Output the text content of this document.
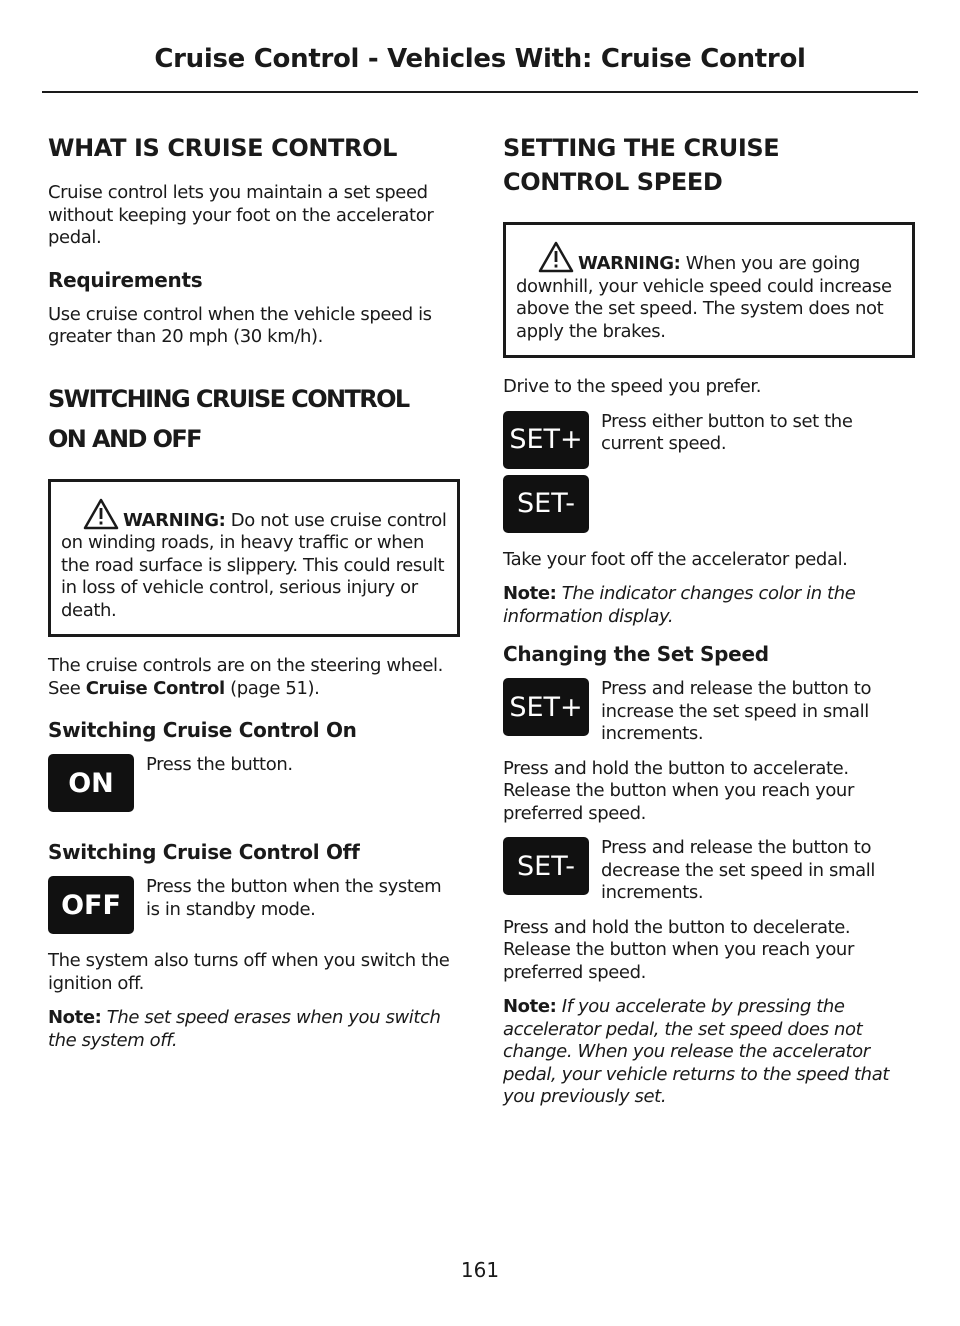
Cruise Control - Vehicles With: Cruise Control
WHAT IS CRUISE CONTROL

Cruise control lets you maintain a set speed without keeping your foot on the accelerator pedal.

Requirements

Use cruise control when the vehicle speed is greater than 20 mph (30 km/h).

SWITCHING CRUISE CONTROL
ON AND OFF

WARNING: Do not use cruise control on winding roads, in heavy traffic or when the road surface is slippery. This could result in loss of vehicle control, serious injury or death.

The cruise controls are on the steering wheel. See Cruise Control (page 51).

Switching Cruise Control On
ON

Press the button.

Switching Cruise Control Off
OFF

Press the button when the system is in standby mode.

The system also turns off when you switch the ignition off.

Note: The set speed erases when you switch the system off.

SETTING THE CRUISE
CONTROL SPEED

WARNING: When you are going downhill, your vehicle speed could increase above the set speed. The system does not apply the brakes.

Drive to the speed you prefer.

SET+
SET-

Press either button to set the current speed.

Take your foot off the accelerator pedal.

Note: The indicator changes color in the information display.

Changing the Set Speed
SET+

Press and release the button to increase the set speed in small increments.

Press and hold the button to accelerate. Release the button when you reach your preferred speed.

SET-

Press and release the button to decrease the set speed in small increments.

Press and hold the button to decelerate. Release the button when you reach your preferred speed.

Note: If you accelerate by pressing the accelerator pedal, the set speed does not change. When you release the accelerator pedal, your vehicle returns to the speed that you previously set.

161
